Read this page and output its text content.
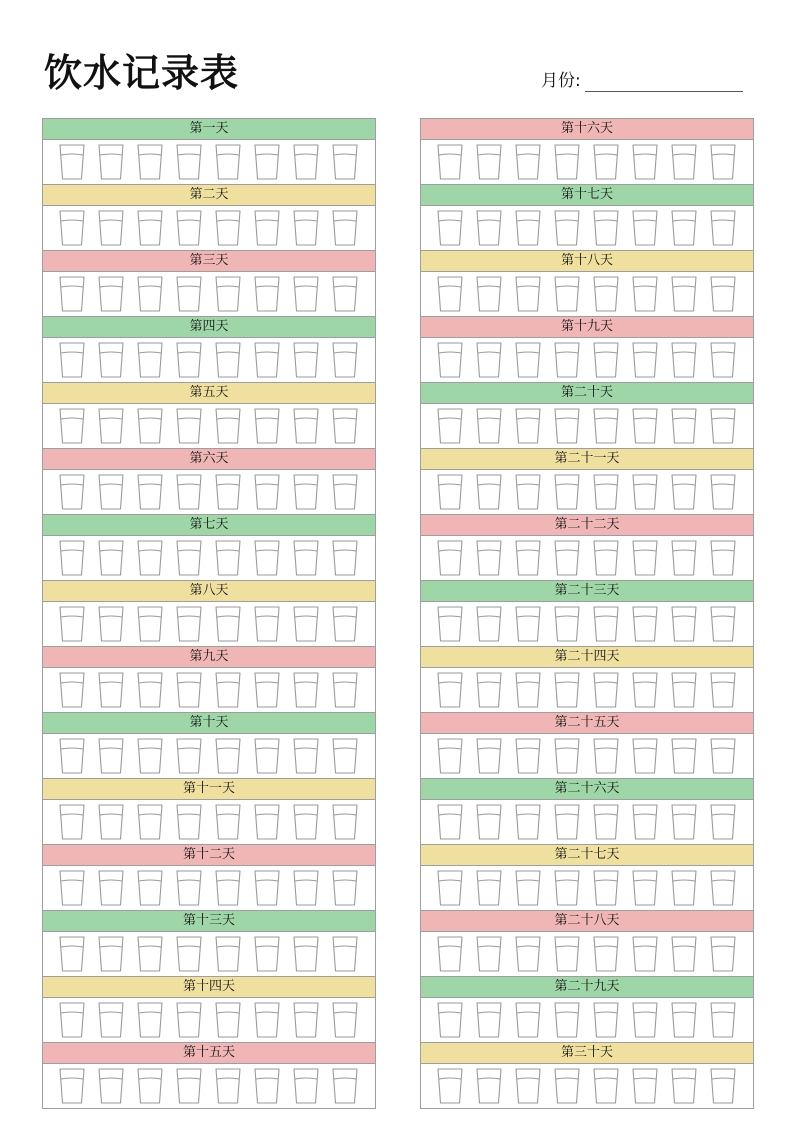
饮水记录表	月份:
第一天
第二天
第三天
第四天
第五天
第六天
第七天
第八天
第九天
第十天
第十一天
第十二天
第十三天
第十四天
第十五天
第十六天
第十七天
第十八天
第十九天
第二十天
第二十一天
第二十二天
第二十三天
第二十四天
第二十五天
第二十六天
第二十七天
第二十八天
第二十九天
第三十天
